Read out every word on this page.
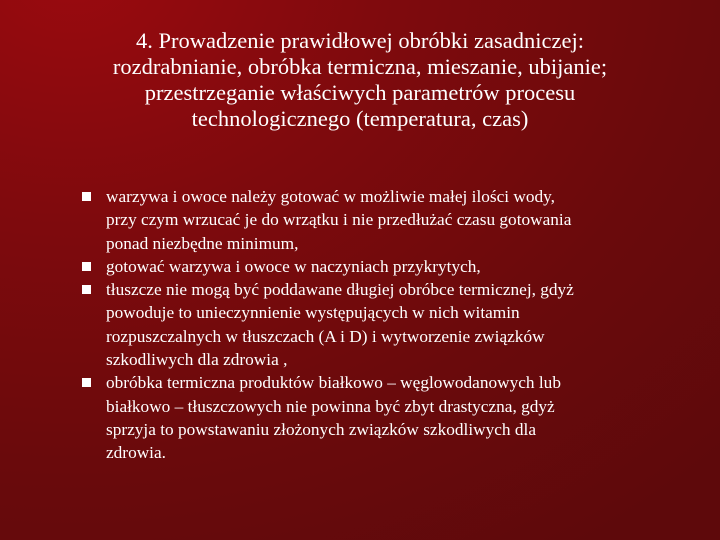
4. Prowadzenie prawidłowej obróbki zasadniczej:
rozdrabnianie, obróbka termiczna, mieszanie, ubijanie;
przestrzeganie właściwych parametrów procesu
technologicznego (temperatura, czas)
warzywa i owoce należy gotować w możliwie małej ilości wody,
przy czym wrzucać je do wrzątku i nie przedłużać czasu gotowania
ponad niezbędne minimum,
gotować warzywa i owoce w naczyniach przykrytych,
tłuszcze nie mogą być poddawane długiej obróbce termicznej, gdyż
powoduje to unieczynnienie występujących w nich witamin
rozpuszczalnych w tłuszczach (A i D) i wytworzenie związków
szkodliwych dla zdrowia ,
obróbka termiczna produktów białkowo – węglowodanowych lub
białkowo – tłuszczowych nie powinna być zbyt drastyczna, gdyż
sprzyja to powstawaniu złożonych związków szkodliwych dla
zdrowia.
